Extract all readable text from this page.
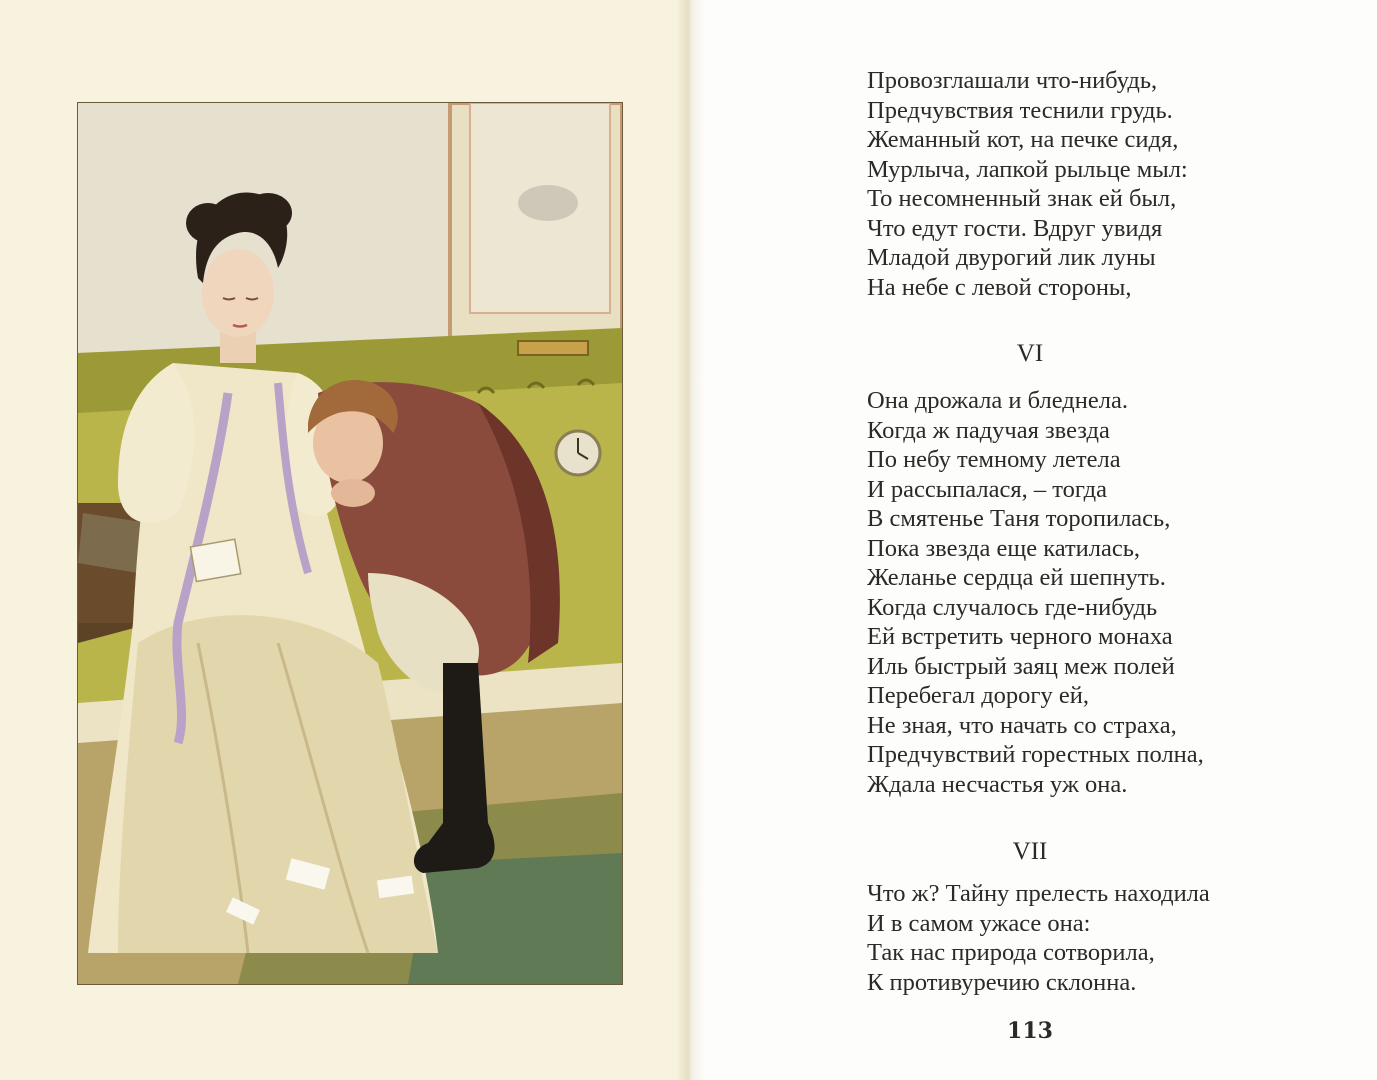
Провозглашали что-нибудь,
Предчувствия теснили грудь.
Жеманный кот, на печке сидя,
Мурлыча, лапкой рыльце мыл:
То несомненный знак ей был,
Что едут гости. Вдруг увидя
Младой двурогий лик луны
На небе с левой стороны,
VI
Она дрожала и бледнела.
Когда ж падучая звезда
По небу темному летела
И рассыпалася, – тогда
В смятенье Таня торопилась,
Пока звезда еще катилась,
Желанье сердца ей шепнуть.
Когда случалось где-нибудь
Ей встретить черного монаха
Иль быстрый заяц меж полей
Перебегал дорогу ей,
Не зная, что начать со страха,
Предчувствий горестных полна,
Ждала несчастья уж она.
VII
Что ж? Тайну прелесть находила
И в самом ужасе она:
Так нас природа сотворила,
К противуречию склонна.
113
